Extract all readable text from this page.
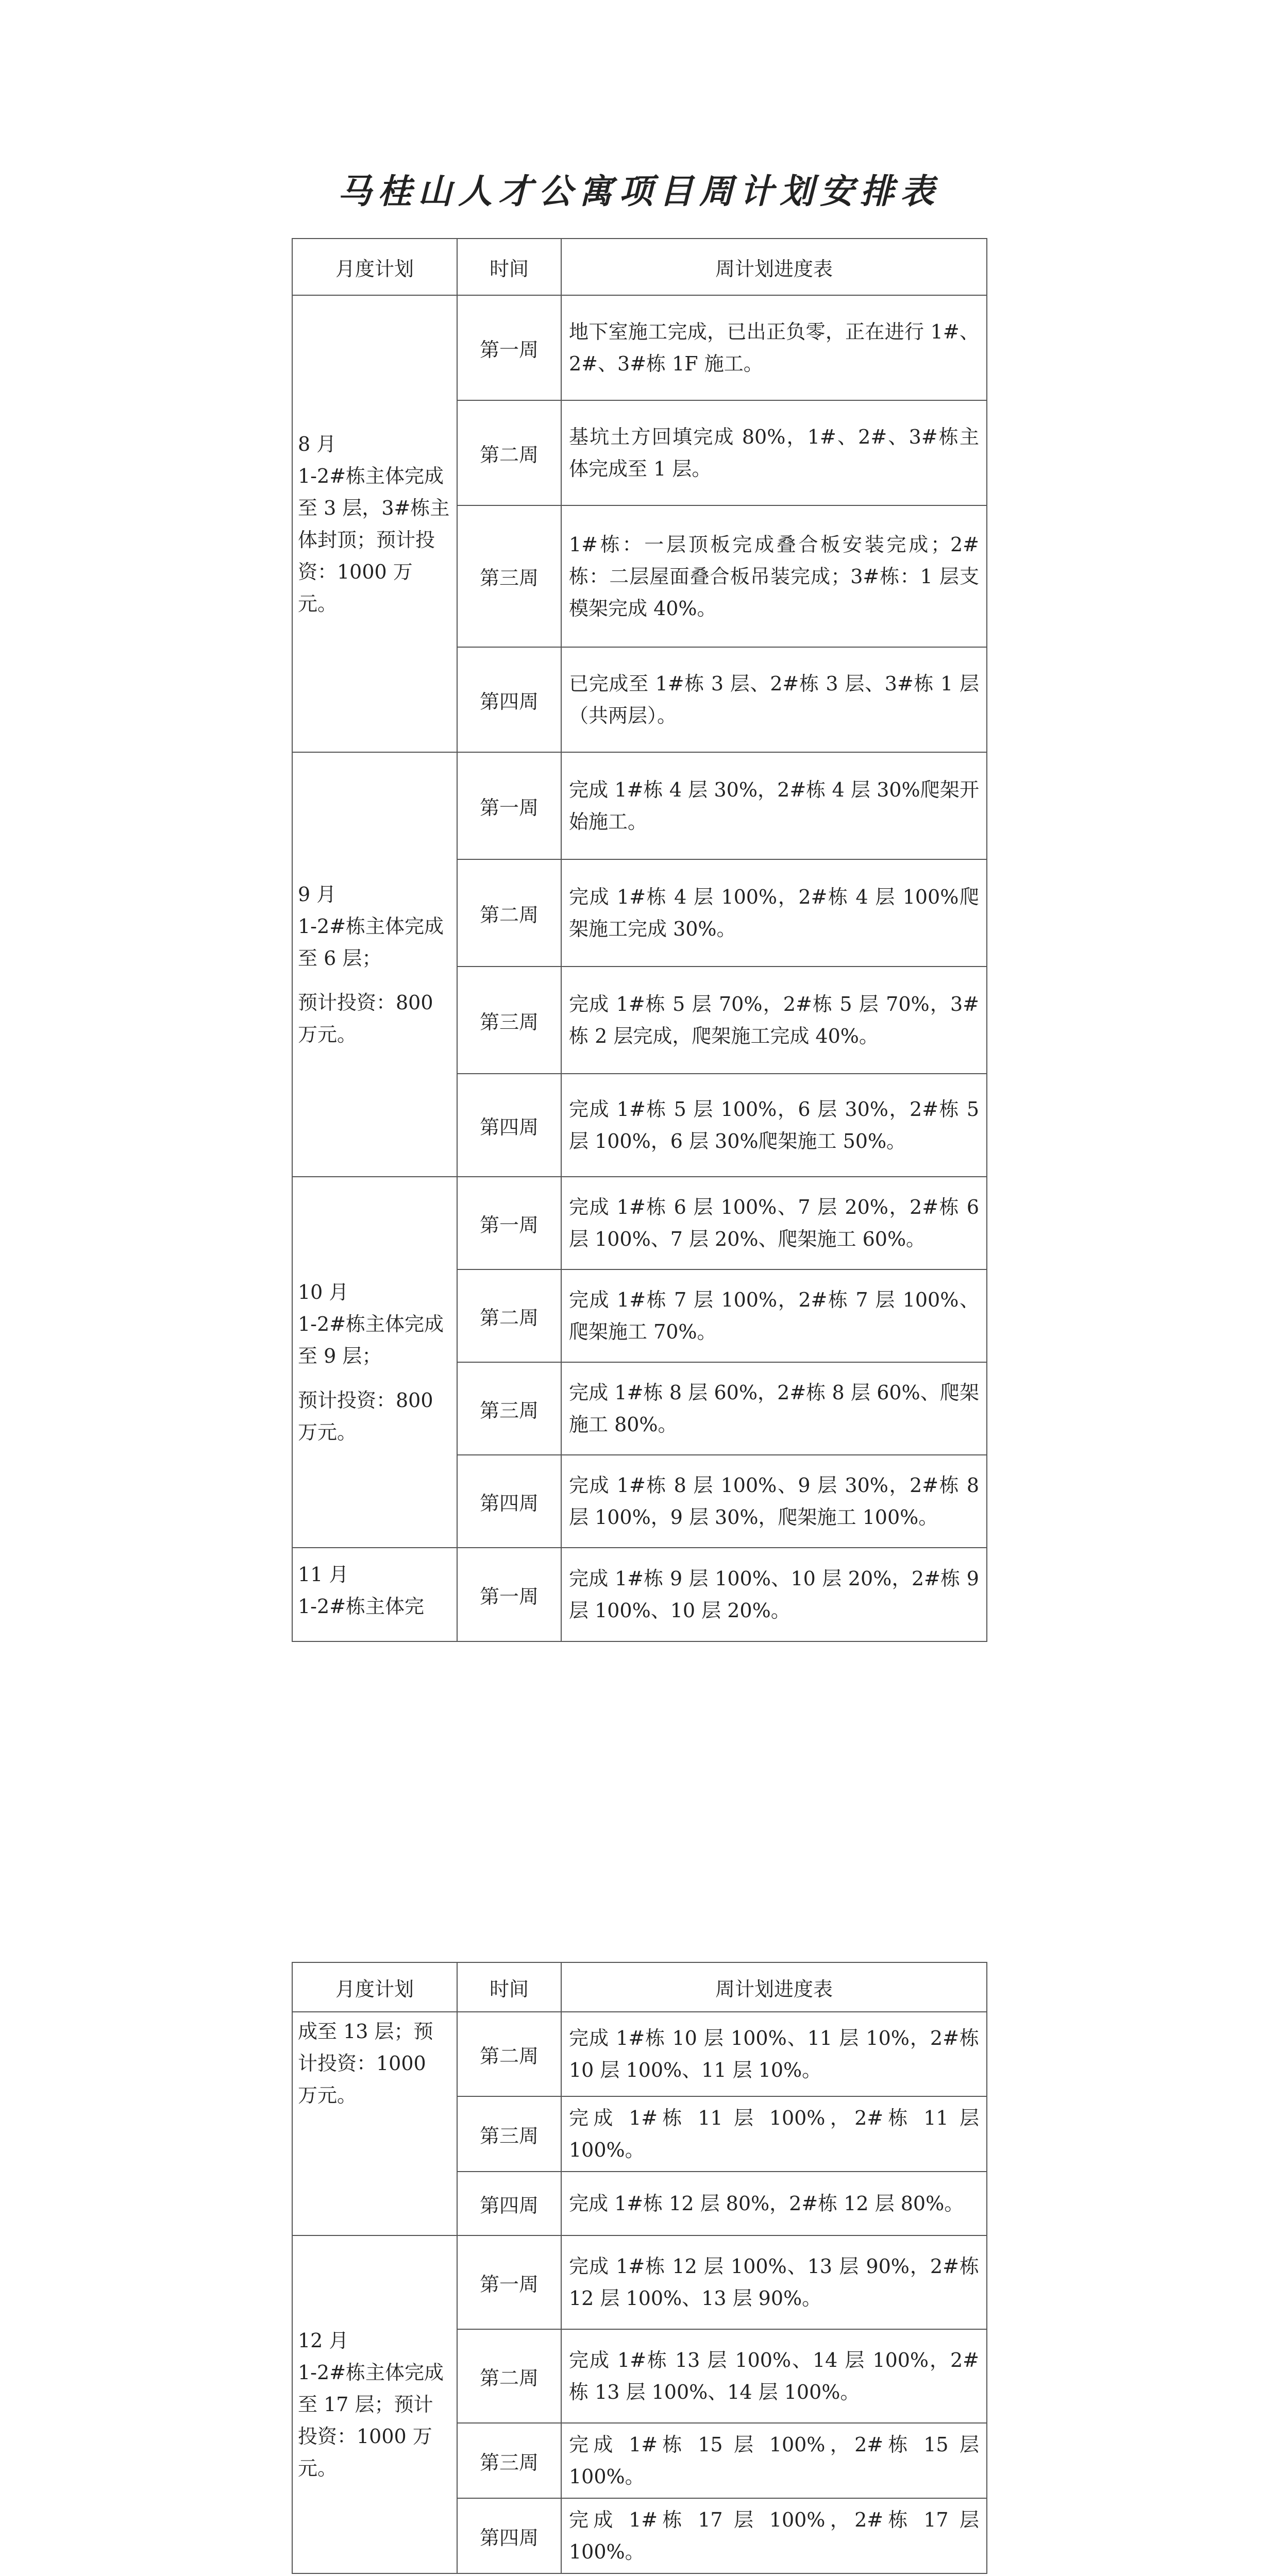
马桂山人才公寓项目周计划安排表
月度计划	时间	周计划进度表

8 月
1-2#栋主体完成至 3 层，3#栋主体封顶；预计投资：1000 万元。	第一周	地下室施工完成，已出正负零，正在进行 1#、2#、3#栋 1F 施工。
	第二周	基坑土方回填完成 80%，1#、2#、3#栋主体完成至 1 层。
	第三周	1#栋：一层顶板完成叠合板安装完成；2#栋：二层屋面叠合板吊装完成；3#栋：1 层支模架完成 40%。
	第四周	已完成至 1#栋 3 层、2#栋 3 层、3#栋 1 层（共两层）。

9 月
1-2#栋主体完成至 6 层；
预计投资：800 万元。	第一周	完成 1#栋 4 层 30%，2#栋 4 层 30%爬架开始施工。
	第二周	完成 1#栋 4 层 100%，2#栋 4 层 100%爬架施工完成 30%。
	第三周	完成 1#栋 5 层 70%，2#栋 5 层 70%，3#栋 2 层完成，爬架施工完成 40%。
	第四周	完成 1#栋 5 层 100%，6 层 30%，2#栋 5 层 100%，6 层 30%爬架施工 50%。

10 月
1-2#栋主体完成至 9 层；
预计投资：800 万元。	第一周	完成 1#栋 6 层 100%、7 层 20%，2#栋 6 层 100%、7 层 20%、爬架施工 60%。
	第二周	完成 1#栋 7 层 100%，2#栋 7 层 100%、爬架施工 70%。
	第三周	完成 1#栋 8 层 60%，2#栋 8 层 60%、爬架施工 80%。
	第四周	完成 1#栋 8 层 100%、9 层 30%，2#栋 8 层 100%，9 层 30%，爬架施工 100%。

11 月
1-2#栋主体完	第一周	完成 1#栋 9 层 100%、10 层 20%，2#栋 9 层 100%、10 层 20%。
月度计划	时间	周计划进度表

成至 13 层；预计投资：1000 万元。	第二周	完成 1#栋 10 层 100%、11 层 10%，2#栋 10 层 100%、11 层 10%。
	第三周	完成 1#栋 11 层 100%，2#栋 11 层 100%。
	第四周	完成 1#栋 12 层 80%，2#栋 12 层 80%。

12 月
1-2#栋主体完成至 17 层；预计投资：1000 万元。	第一周	完成 1#栋 12 层 100%、13 层 90%，2#栋 12 层 100%、13 层 90%。
	第二周	完成 1#栋 13 层 100%、14 层 100%，2#栋 13 层 100%、14 层 100%。
	第三周	完成 1#栋 15 层 100%，2#栋 15 层 100%。
	第四周	完成 1#栋 17 层 100%，2#栋 17 层 100%。
